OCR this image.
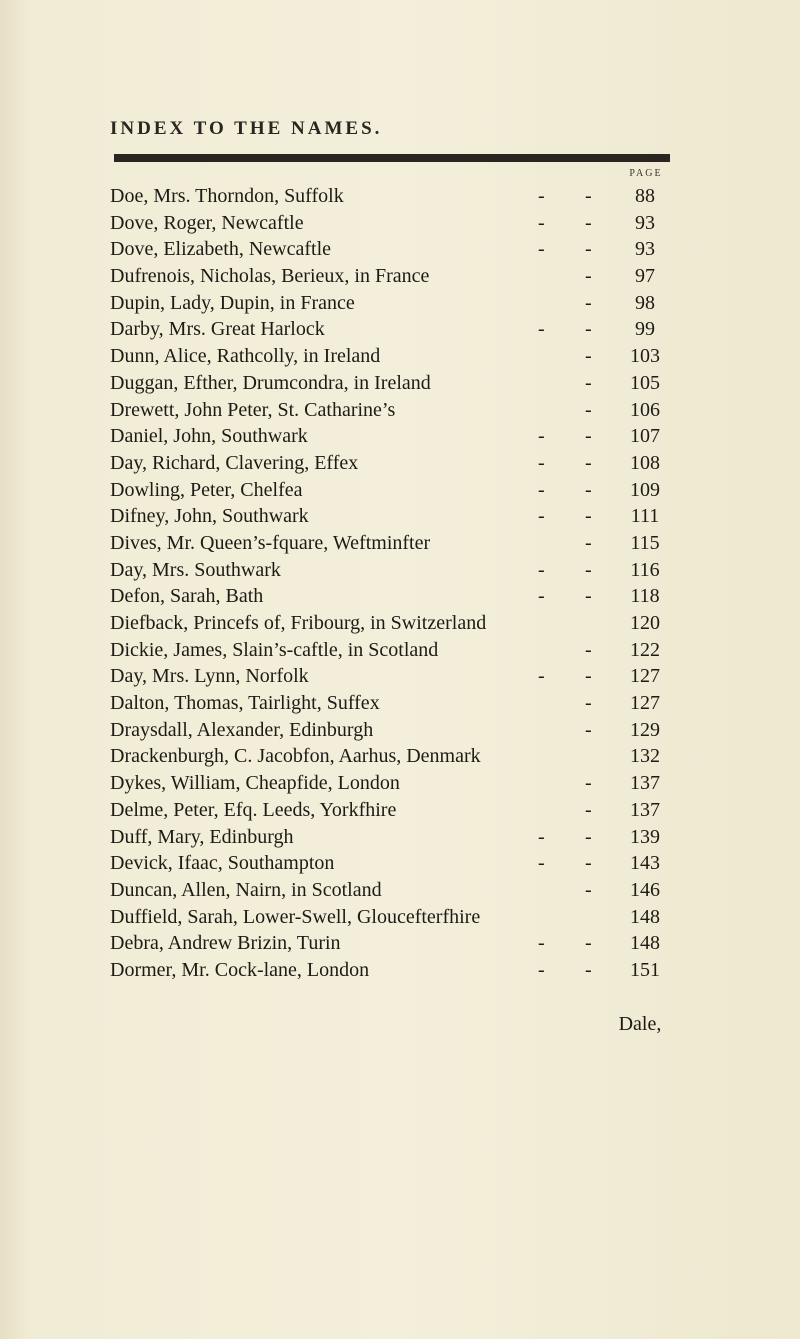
INDEX TO THE NAMES.
PAGE
Doe, Mrs. Thorndon, Suffolk	- -	88
Dove, Roger, Newcaftle	- -	93
Dove, Elizabeth, Newcaftle	- -	93
Dufrenois, Nicholas, Berieux, in France	-	97
Dupin, Lady, Dupin, in France	-	98
Darby, Mrs. Great Harlock	- -	99
Dunn, Alice, Rathcolly, in Ireland	-	103
Duggan, Efther, Drumcondra, in Ireland	-	105
Drewett, John Peter, St. Catharine’s	-	106
Daniel, John, Southwark	- -	107
Day, Richard, Clavering, Effex	- -	108
Dowling, Peter, Chelfea	- -	109
Difney, John, Southwark	- -	111
Dives, Mr. Queen’s-fquare, Weftminfter	-	115
Day, Mrs. Southwark	- -	116
Defon, Sarah, Bath	- -	118
Diefback, Princefs of, Fribourg, in Switzerland	120
Dickie, James, Slain’s-caftle, in Scotland	-	122
Day, Mrs. Lynn, Norfolk	- -	127
Dalton, Thomas, Tairlight, Suffex	-	127
Draysdall, Alexander, Edinburgh	-	129
Drackenburgh, C. Jacobfon, Aarhus, Denmark	132
Dykes, William, Cheapfide, London	-	137
Delme, Peter, Efq. Leeds, Yorkfhire	-	137
Duff, Mary, Edinburgh	- -	139
Devick, Ifaac, Southampton	- -	143
Duncan, Allen, Nairn, in Scotland	-	146
Duffield, Sarah, Lower-Swell, Gloucefterfhire	148
Debra, Andrew Brizin, Turin	- -	148
Dormer, Mr. Cock-lane, London	- -	151
Dale,
